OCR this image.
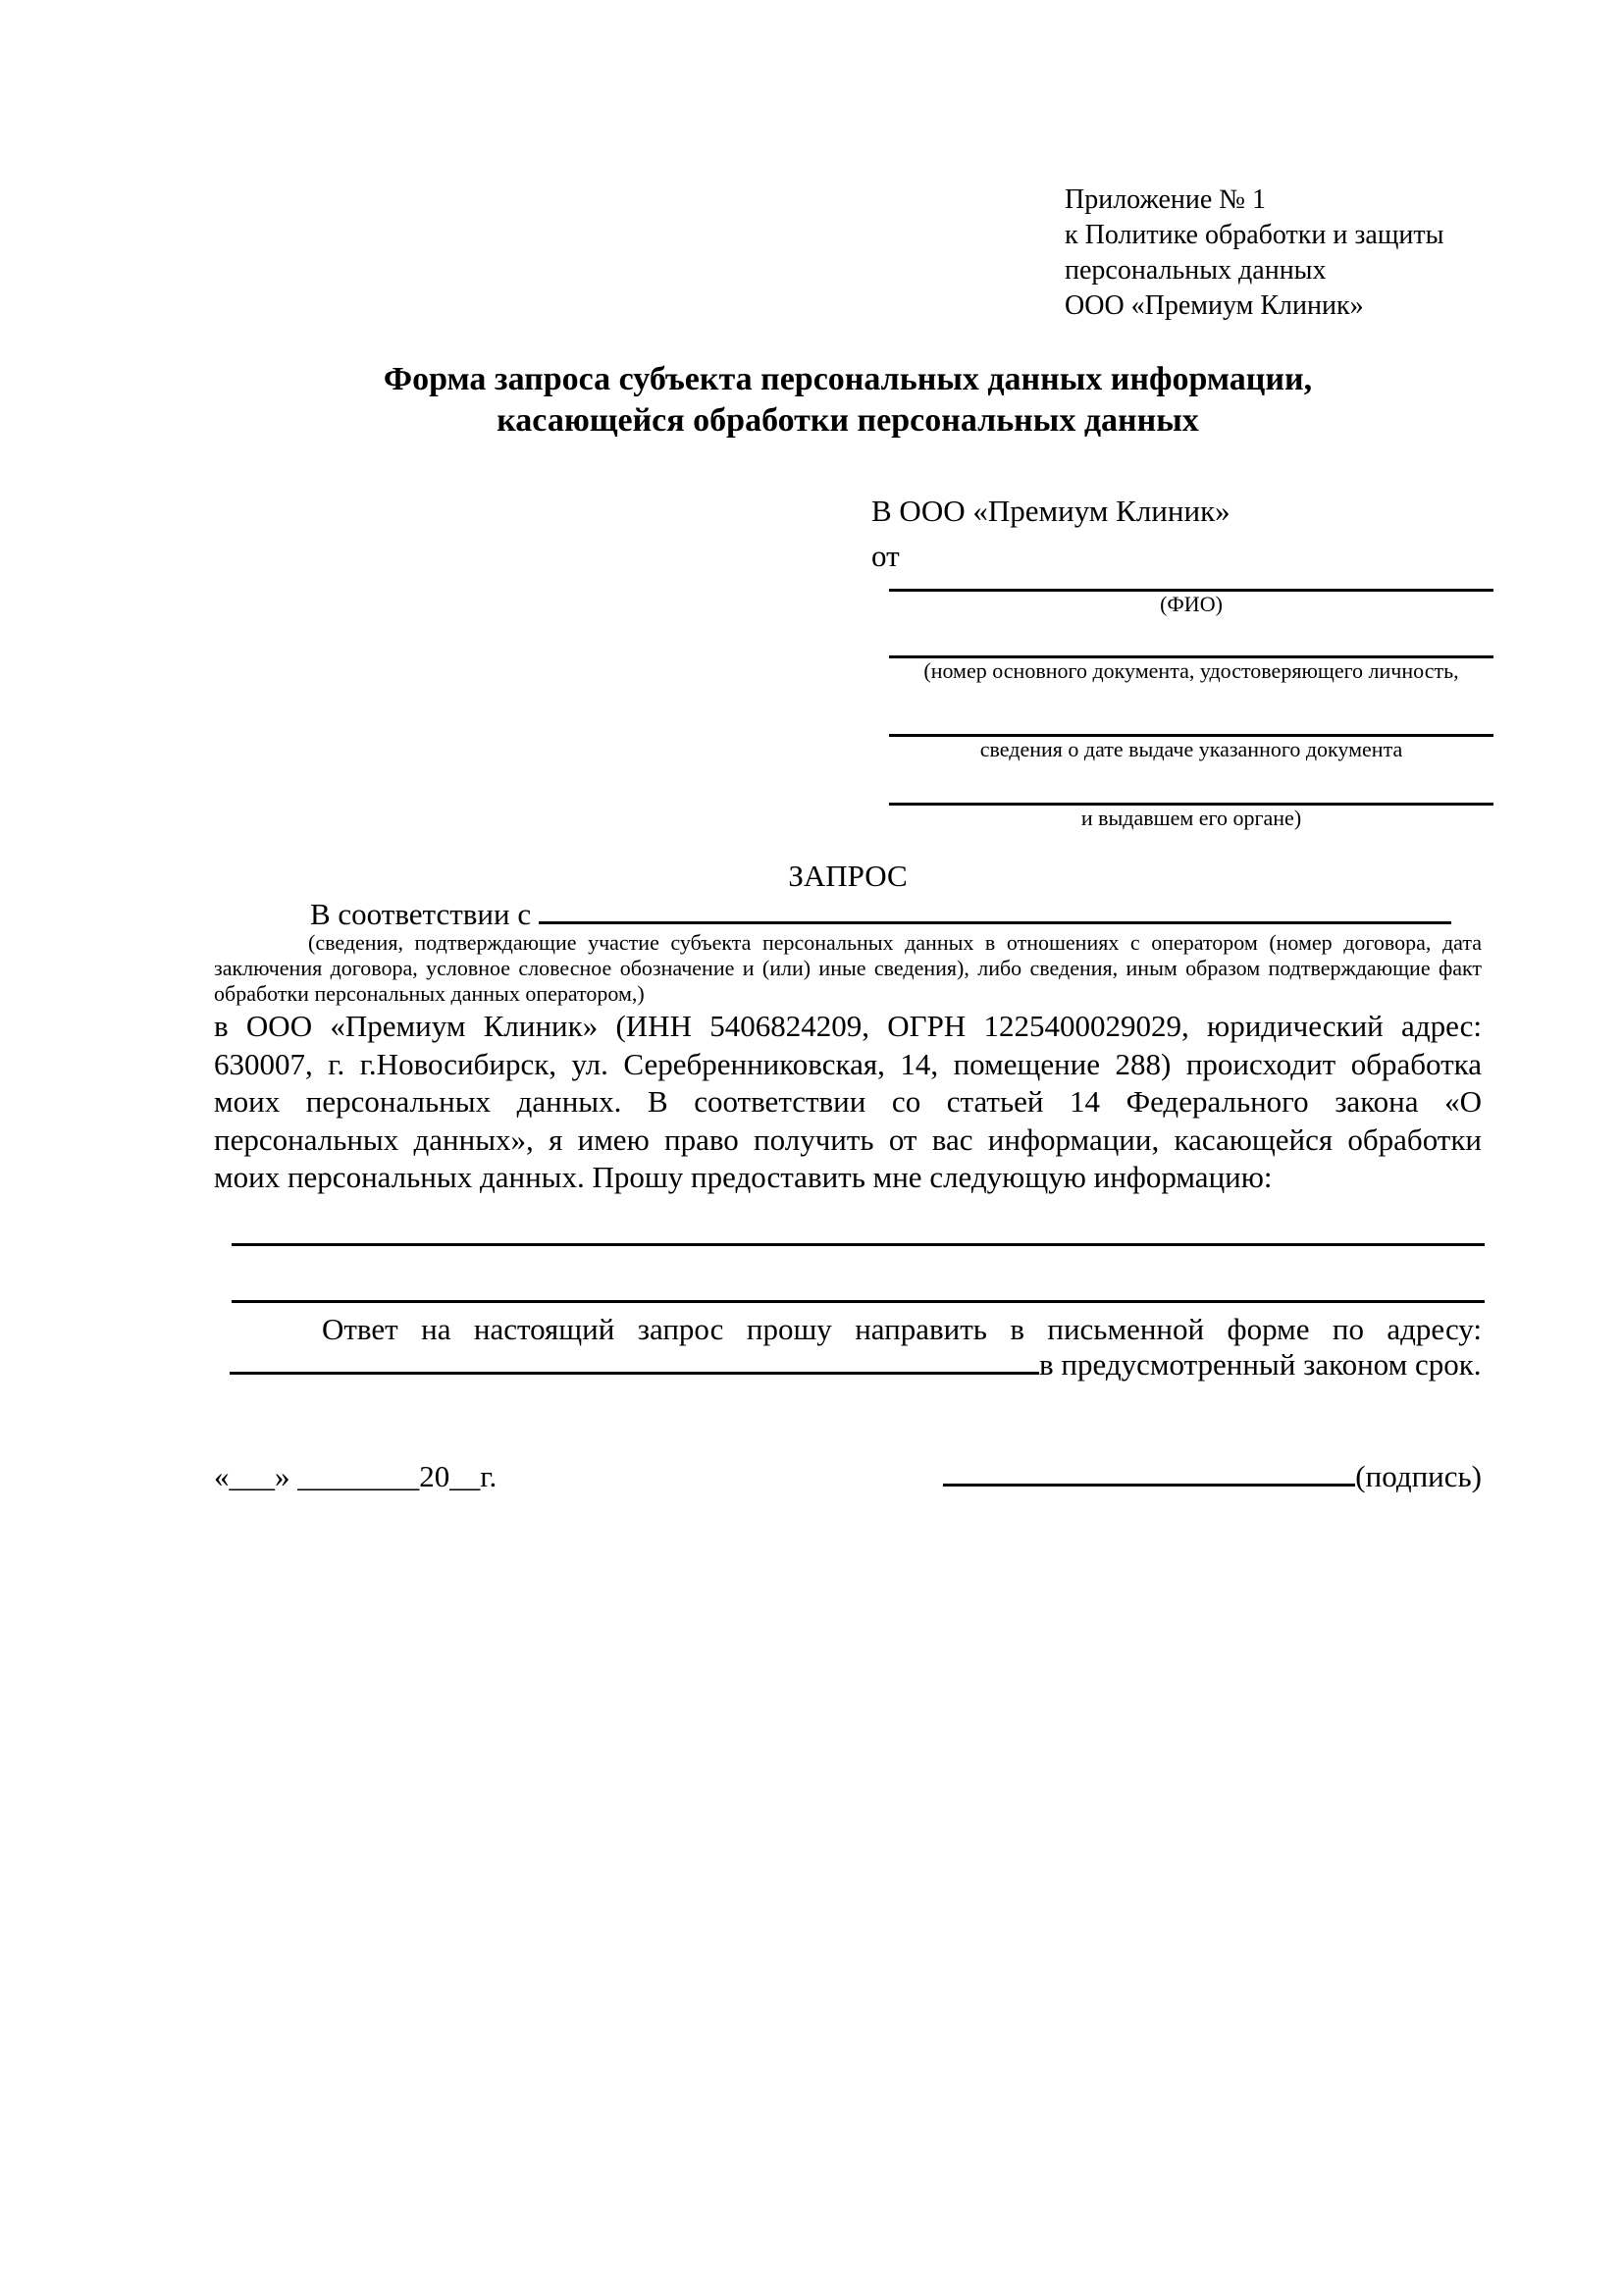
Приложение № 1
к Политике обработки и защиты
персональных данных
ООО «Премиум Клиник»
Форма запроса субъекта персональных данных информации,
касающейся обработки персональных данных
В ООО «Премиум Клиник»
от
(ФИО)
(номер основного документа, удостоверяющего личность,
сведения о дате выдаче указанного документа
и выдавшем его органе)
ЗАПРОС
В соответствии с
(сведения, подтверждающие участие субъекта персональных данных в отношениях с оператором (номер договора, дата
заключения договора, условное словесное обозначение и (или) иные сведения), либо сведения, иным образом подтверждающие факт
обработки персональных данных оператором,)
в ООО «Премиум Клиник» (ИНН 5406824209, ОГРН 1225400029029, юридический адрес:
630007, г. г.Новосибирск, ул. Серебренниковская, 14, помещение 288) происходит обработка
моих персональных данных. В соответствии со статьей 14 Федерального закона «О
персональных данных», я имею право получить от вас информации, касающейся обработки
моих персональных данных. Прошу предоставить мне следующую информацию:
Ответ на настоящий запрос прошу направить в письменной форме по адресу:
в предусмотренный законом срок.
«___» ________20__г.	(подпись)
